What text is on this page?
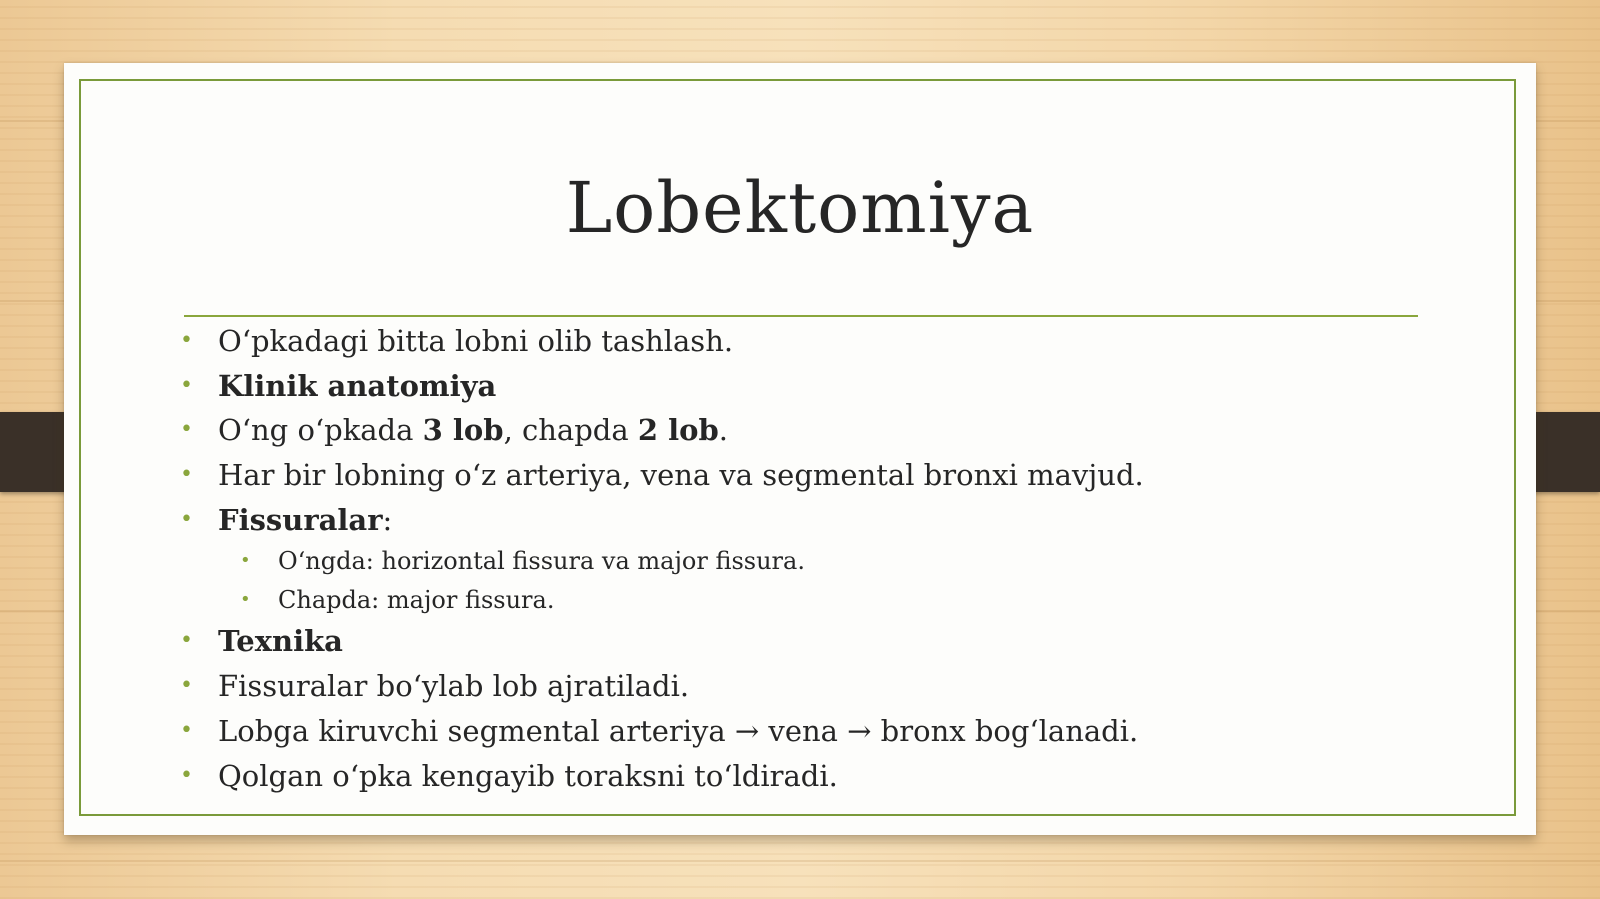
Lobektomiya
• O‘pkadagi bitta lobni olib tashlash.
• Klinik anatomiya
• O‘ng o‘pkada 3 lob, chapda 2 lob.
• Har bir lobning o‘z arteriya, vena va segmental bronxi mavjud.
• Fissuralar:
• O‘ngda: horizontal fissura va major fissura.
• Chapda: major fissura.
• Texnika
• Fissuralar bo‘ylab lob ajratiladi.
• Lobga kiruvchi segmental arteriya → vena → bronx bog‘lanadi.
• Qolgan o‘pka kengayib toraksni to‘ldiradi.
